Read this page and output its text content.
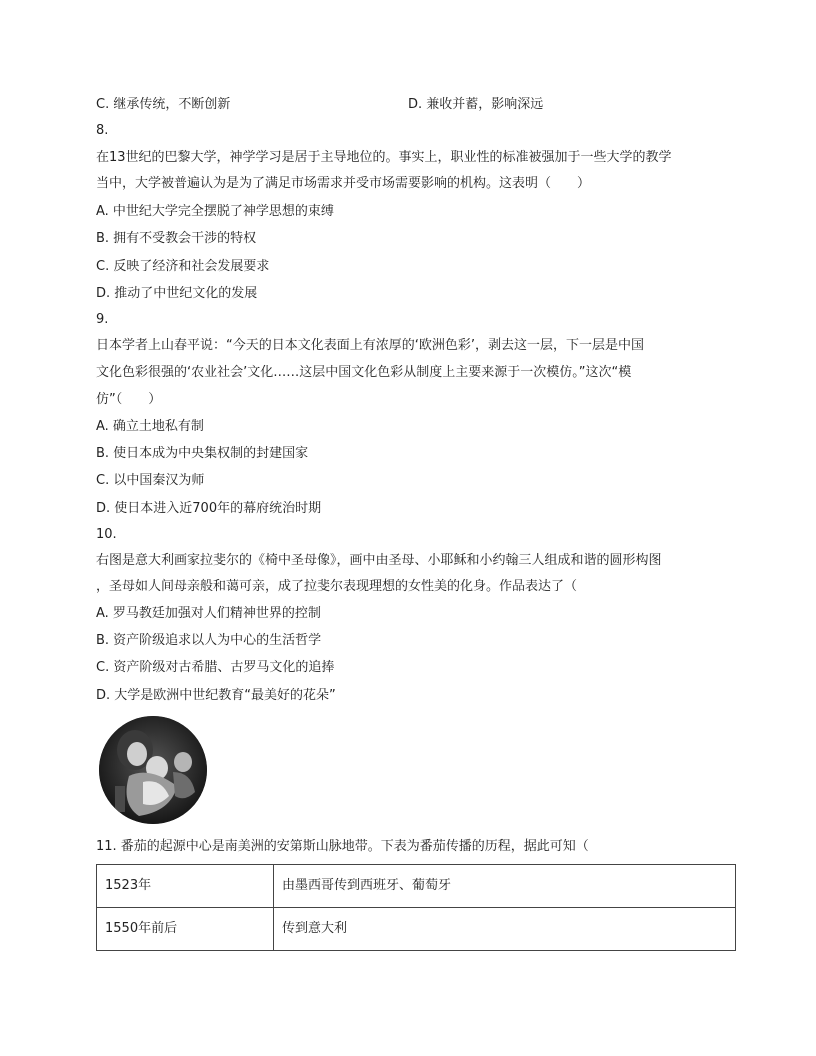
C. 继承传统，不断创新	D. 兼收并蓄，影响深远
8.
在13世纪的巴黎大学，神学学习是居于主导地位的。事实上，职业性的标准被强加于一些大学的教学
当中，大学被普遍认为是为了满足市场需求并受市场需要影响的机构。这表明（　　）
A. 中世纪大学完全摆脱了神学思想的束缚
B. 拥有不受教会干涉的特权
C. 反映了经济和社会发展要求
D. 推动了中世纪文化的发展
9.
日本学者上山春平说：“今天的日本文化表面上有浓厚的‘欧洲色彩’，剥去这一层，下一层是中国
文化色彩很强的‘农业社会’文化……这层中国文化色彩从制度上主要来源于一次模仿。”这次“模
仿”（　　）
A. 确立土地私有制
B. 使日本成为中央集权制的封建国家
C. 以中国秦汉为师
D. 使日本进入近700年的幕府统治时期
10.
右图是意大利画家拉斐尔的《椅中圣母像》，画中由圣母、小耶稣和小约翰三人组成和谐的圆形构图
，圣母如人间母亲般和蔼可亲，成了拉斐尔表现理想的女性美的化身。作品表达了（
A. 罗马教廷加强对人们精神世界的控制
B. 资产阶级追求以人为中心的生活哲学
C. 资产阶级对古希腊、古罗马文化的追捧
D. 大学是欧洲中世纪教育“最美好的花朵”
11. 番茄的起源中心是南美洲的安第斯山脉地带。下表为番茄传播的历程，据此可知（
1523年	由墨西哥传到西班牙、葡萄牙
1550年前后	传到意大利
